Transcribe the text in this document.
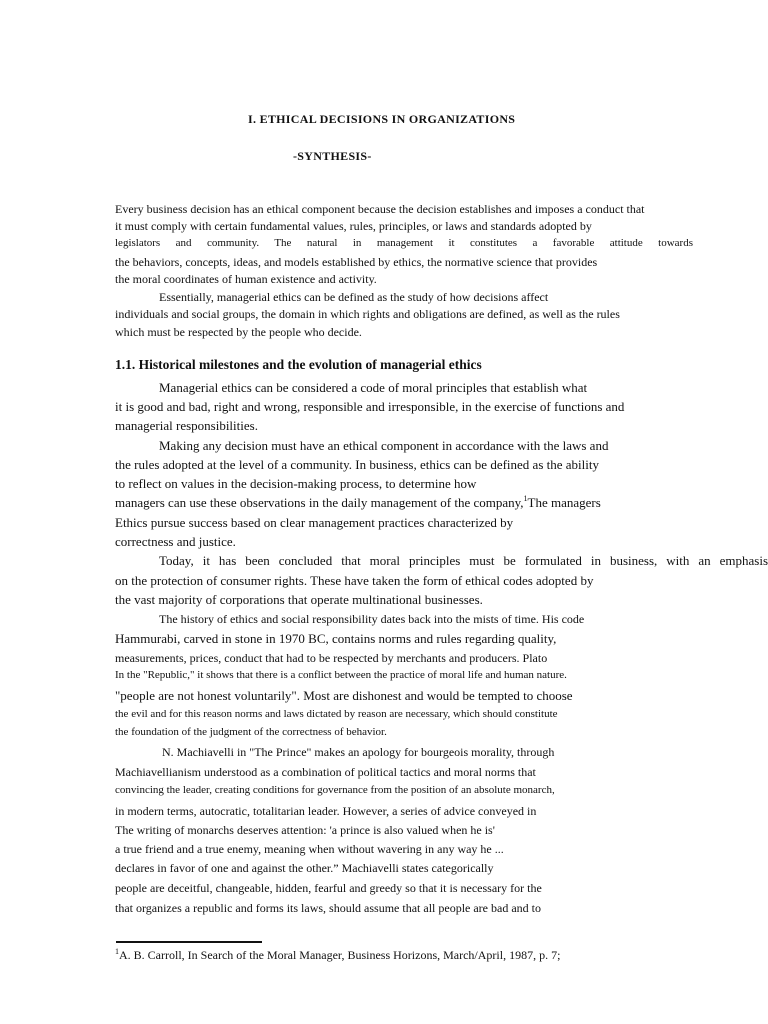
I. ETHICAL DECISIONS IN ORGANIZATIONS
-SYNTHESIS-
Every business decision has an ethical component because the decision establishes and imposes a conduct that
it must comply with certain fundamental values, rules, principles, or laws and standards adopted by
legislators and community. The natural in management it constitutes a favorable attitude towards
the behaviors, concepts, ideas, and models established by ethics, the normative science that provides
the moral coordinates of human existence and activity.
Essentially, managerial ethics can be defined as the study of how decisions affect
individuals and social groups, the domain in which rights and obligations are defined, as well as the rules
which must be respected by the people who decide.
1.1. Historical milestones and the evolution of managerial ethics
Managerial ethics can be considered a code of moral principles that establish what
it is good and bad, right and wrong, responsible and irresponsible, in the exercise of functions and
managerial responsibilities.
Making any decision must have an ethical component in accordance with the laws and
the rules adopted at the level of a community. In business, ethics can be defined as the ability
to reflect on values in the decision-making process, to determine how
managers can use these observations in the daily management of the company,$^1$The managers
Ethics pursue success based on clear management practices characterized by
correctness and justice.
Today, it has been concluded that moral principles must be formulated in business, with an emphasis
on the protection of consumer rights. These have taken the form of ethical codes adopted by
the vast majority of corporations that operate multinational businesses.
The history of ethics and social responsibility dates back into the mists of time. His code
Hammurabi, carved in stone in 1970 BC, contains norms and rules regarding quality,
measurements, prices, conduct that had to be respected by merchants and producers. Plato
In the "Republic," it shows that there is a conflict between the practice of moral life and human nature.
"people are not honest voluntarily". Most are dishonest and would be tempted to choose
the evil and for this reason norms and laws dictated by reason are necessary, which should constitute
the foundation of the judgment of the correctness of behavior.
N. Machiavelli in "The Prince" makes an apology for bourgeois morality, through
Machiavellianism understood as a combination of political tactics and moral norms that
convincing the leader, creating conditions for governance from the position of an absolute monarch,
in modern terms, autocratic, totalitarian leader. However, a series of advice conveyed in
The writing of monarchs deserves attention: 'a prince is also valued when he is'
a true friend and a true enemy, meaning when without wavering in any way he ...
declares in favor of one and against the other.” Machiavelli states categorically
people are deceitful, changeable, hidden, fearful and greedy so that it is necessary for the
that organizes a republic and forms its laws, should assume that all people are bad and to
$^1$A. B. Carroll, In Search of the Moral Manager, Business Horizons, March/April, 1987, p. 7;
